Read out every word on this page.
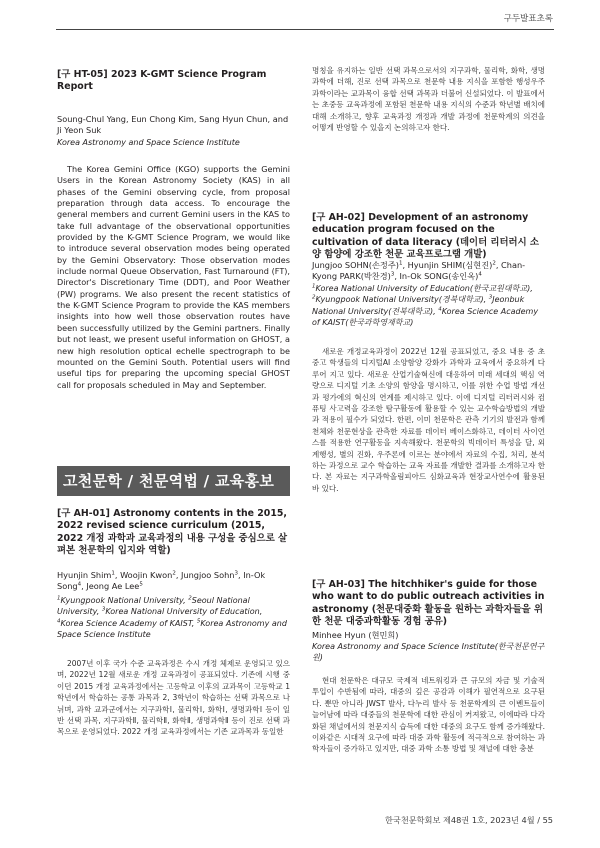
구두발표초록
[구 HT-05] 2023 K-GMT Science Program Report
Soung-Chul Yang, Eun Chong Kim, Sang Hyun Chun, and Ji Yeon Suk
Korea Astronomy and Space Science Institute
The Korea Gemini Office (KGO) supports the Gemini Users in the Korean Astronomy Society (KAS) in all phases of the Gemini observing cycle, from proposal preparation through data access. To encourage the general members and current Gemini users in the KAS to take full advantage of the observational opportunities provided by the K-GMT Science Program, we would like to introduce several observation modes being operated by the Gemini Observatory: Those observation modes include normal Queue Observation, Fast Turnaround (FT), Director's Discretionary Time (DDT), and Poor Weather (PW) programs. We also present the recent statistics of the K-GMT Science Program to provide the KAS members insights into how well those observation routes have been successfully utilized by the Gemini partners. Finally but not least, we present useful information on GHOST, a new high resolution optical echelle spectrograph to be mounted on the Gemini South. Potential users will find useful tips for preparing the upcoming special GHOST call for proposals scheduled in May and September.
고천문학 / 천문역법 / 교육홍보
[구 AH-01] Astronomy contents in the 2015, 2022 revised science curriculum (2015, 2022 개정 과학과 교육과정의 내용 구성을 중심으로 살펴본 천문학의 입지와 역할)
Hyunjin Shim$^1$, Woojin Kwon$^2$, Jungjoo Sohn$^3$, In-Ok Song$^4$, Jeong Ae Lee$^5$
$^1$Kyungpook National University, $^2$Seoul National University, $^3$Korea National University of Education, $^4$Korea Science Academy of KAIST, $^5$Korea Astronomy and Space Science Institute
2007년 이후 국가 수준 교육과정은 수시 개정 체제로 운영되고 있으며, 2022년 12월 새로운 개정 교육과정이 공표되었다. 기존에 시행 중이던 2015 개정 교육과정에서는 고등학교 이후의 교과목이 고등학교 1학년에서 학습하는 공통 과목과 2, 3학년이 학습하는 선택 과목으로 나뉘며, 과학 교과군에서는 지구과학Ⅰ, 물리학Ⅰ, 화학Ⅰ, 생명과학Ⅰ 등이 일반 선택 과목, 지구과학Ⅱ, 물리학Ⅱ, 화학Ⅱ, 생명과학Ⅱ 등이 진로 선택 과목으로 운영되었다. 2022 개정 교육과정에서는 기존 교과목과 동일한
명칭을 유지하는 일반 선택 과목으로서의 지구과학, 물리학, 화학, 생명과학에 더해, 진로 선택 과목으로 천문학 내용 지식을 포함한 행성우주과학이라는 교과목이 융합 선택 과목과 더불어 신설되었다. 이 발표에서는 초중등 교육과정에 포함된 천문학 내용 지식의 수준과 학년별 배치에 대해 소개하고, 향후 교육과정 개정과 개발 과정에 천문학계의 의견을 어떻게 반영할 수 있을지 논의하고자 한다.
[구 AH-02] Development of an astronomy education program focused on the cultivation of data literacy (데이터 리터러시 소양 함양에 강조한 천문 교육프로그램 개발)
Jungjoo SOHN(손정주)$^1$, Hyunjin SHIM(심현진)$^2$, Chan-Kyong PARK(박찬경)$^3$, In-Ok SONG(송인옥)$^4$
$^1$Korea National University of Education(한국교원대학교), $^2$Kyungpook National University(경북대학교), $^3$Jeonbuk National University(전북대학교), $^4$Korea Science Academy of KAIST(한국과학영재학교)
새로운 개정교육과정이 2022년 12월 공표되었고, 중요 내용 중 초중고 학생들의 디지털AI 소양함양 강화가 과학과 교육에서 중요하게 다루어 지고 있다. 새로운 산업기술혁신에 대응하여 미래 세대의 핵심 역량으로 디지털 기초 소양의 함양을 명시하고, 이를 위한 수업 방법 개선과 평가에의 혁신의 연계를 제시하고 있다. 이에 디지털 리터러시와 컴퓨팅 사고력을 강조한 탐구활동에 활용할 수 있는 교수학습방법의 개발과 적용이 필수가 되었다. 한편, 이미 천문학은 관측 기기의 발전과 함께 천체와 천문현상을 관측한 자료를 데이터 베이스화하고, 데이터 사이언스를 적용한 연구활동을 지속해왔다. 천문학의 빅데이터 특성을 달, 외계행성, 별의 진화, 우주론에 이르는 분야에서 자료의 수집, 처리, 분석하는 과정으로 교수 학습하는 교육 자료를 개발한 결과를 소개하고자 한다. 본 자료는 지구과학올림피아드 심화교육과 현장교사연수에 활용된 바 있다.
[구 AH-03] The hitchhiker's guide for those who want to do public outreach activities in astronomy (천문대중화 활동을 원하는 과학자들을 위한 천문 대중과학활동 경험 공유)
Minhee Hyun (현민희)
Korea Astronomy and Space Science Institute(한국천문연구원)
현대 천문학은 대규모 국제적 네트워킹과 큰 규모의 자금 및 기술적 투입이 수반됨에 따라, 대중의 깊은 공감과 이해가 필연적으로 요구된다. 뿐만 아니라 JWST 발사, 다누리 발사 등 천문학계의 큰 이벤트들이 늘어남에 따라 대중들의 천문학에 대한 관심이 커져왔고, 이에따라 다각화된 채널에서의 천문지식 습득에 대한 대중의 요구도 함께 증가해왔다. 이와같은 시대적 요구에 따라 대중 과학 활동에 적극적으로 참여하는 과학자들이 증가하고 있지만, 대중 과학 소통 방법 및 채널에 대한 충분
한국천문학회보 제48권 1호, 2023년 4월 / 55
